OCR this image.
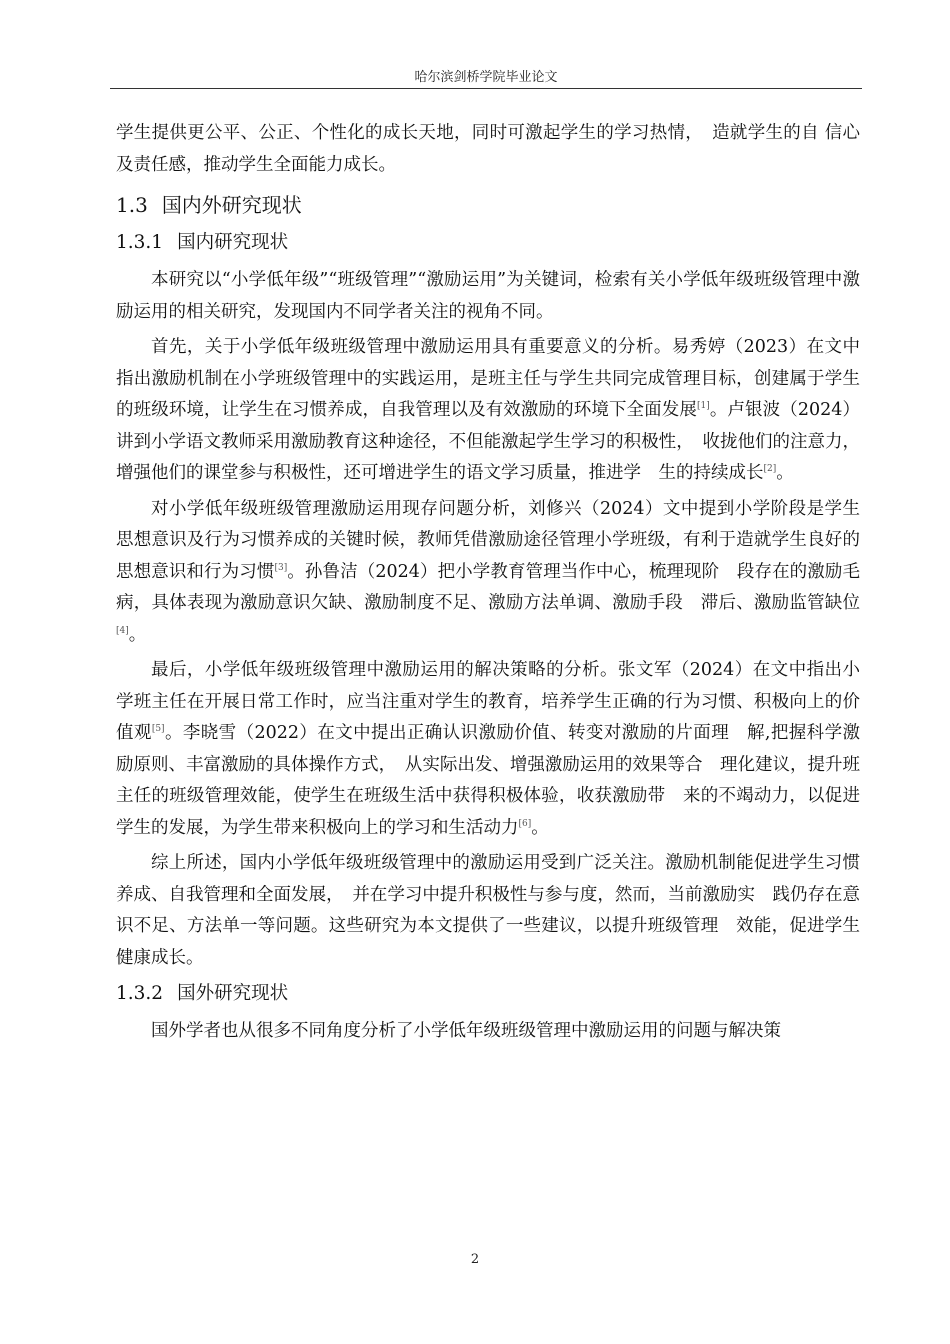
哈尔滨剑桥学院毕业论文

学生提供更公平、公正、个性化的成长天地，同时可激起学生的学习热情，　造就学生的自 信心及责任感，推动学生全面能力成长。

1.3 国内外研究现状
1.3.1 国内研究现状

本研究以“小学低年级”“班级管理”“激励运用”为关键词，检索有关小学低年级班级管理中激励运用的相关研究，发现国内不同学者关注的视角不同。

首先，关于小学低年级班级管理中激励运用具有重要意义的分析。易秀婷（2023）在文中指出激励机制在小学班级管理中的实践运用，是班主任与学生共同完成管理目标，创建属于学生的班级环境，让学生在习惯养成，自我管理以及有效激励的环境下全面发展[1]。卢银波（2024）讲到小学语文教师采用激励教育这种途径，不但能激起学生学习的积极性，　收拢他们的注意力，增强他们的课堂参与积极性，还可增进学生的语文学习质量，推进学　生的持续成长[2]。

对小学低年级班级管理激励运用现存问题分析，刘修兴（2024）文中提到小学阶段是学生思想意识及行为习惯养成的关键时候，教师凭借激励途径管理小学班级，有利于造就学生良好的思想意识和行为习惯[3]。孙鲁洁（2024）把小学教育管理当作中心，梳理现阶　段存在的激励毛病，具体表现为激励意识欠缺、激励制度不足、激励方法单调、激励手段　滞后、激励监管缺位[4]。

最后，小学低年级班级管理中激励运用的解决策略的分析。张文军（2024）在文中指出小学班主任在开展日常工作时，应当注重对学生的教育，培养学生正确的行为习惯、积极向上的价值观[5]。李晓雪（2022）在文中提出正确认识激励价值、转变对激励的片面理　解,把握科学激励原则、丰富激励的具体操作方式，　从实际出发、增强激励运用的效果等合　理化建议，提升班主任的班级管理效能，使学生在班级生活中获得积极体验，收获激励带　来的不竭动力，以促进学生的发展，为学生带来积极向上的学习和生活动力[6]。

综上所述，国内小学低年级班级管理中的激励运用受到广泛关注。激励机制能促进学生习惯养成、自我管理和全面发展，　并在学习中提升积极性与参与度，然而，当前激励实　践仍存在意识不足、方法单一等问题。这些研究为本文提供了一些建议，以提升班级管理　效能，促进学生健康成长。

1.3.2 国外研究现状

国外学者也从很多不同角度分析了小学低年级班级管理中激励运用的问题与解决策

2
